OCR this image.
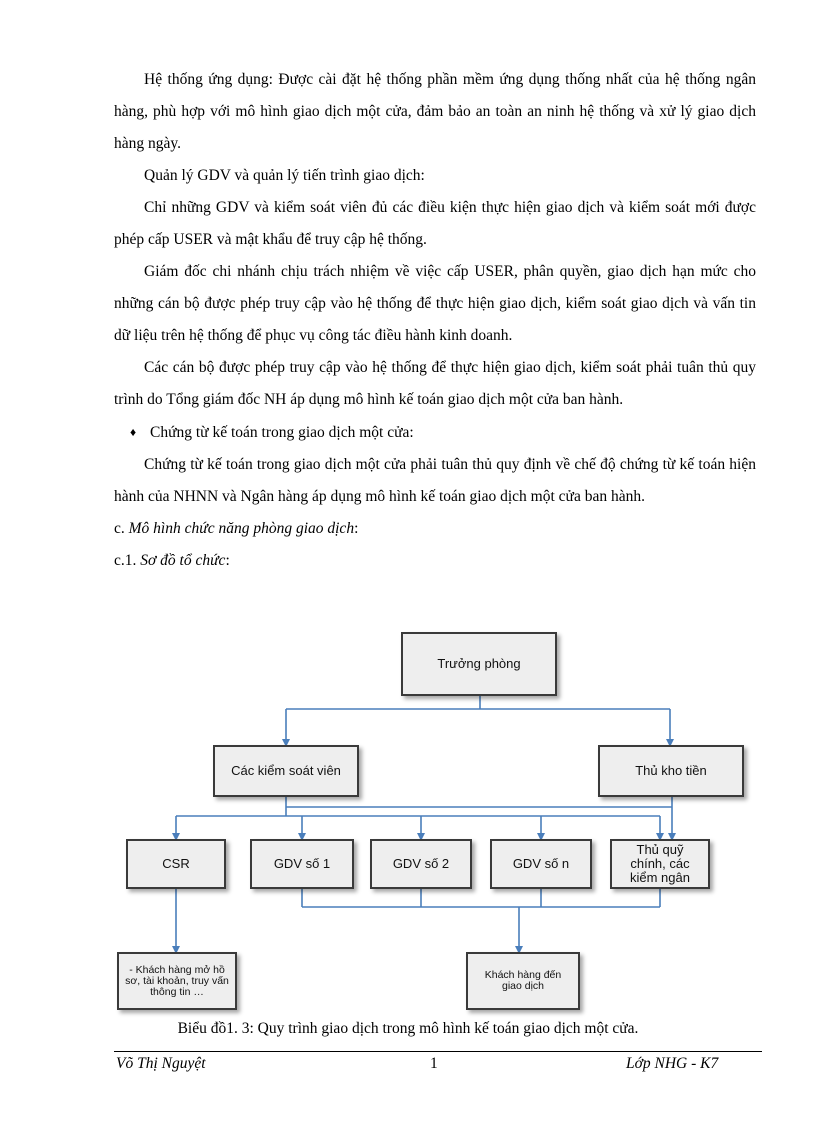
Hệ thống ứng dụng: Được cài đặt hệ thống phần mềm ứng dụng thống nhất của hệ thống ngân hàng, phù hợp với mô hình giao dịch một cửa, đảm bảo an toàn an ninh hệ thống và xử lý giao dịch hàng ngày.

Quản lý GDV và quản lý tiến trình giao dịch:

Chỉ những GDV và kiểm soát viên đủ các điều kiện thực hiện giao dịch và kiểm soát mới được phép cấp USER và mật khẩu để truy cập hệ thống.

Giám đốc chi nhánh chịu trách nhiệm về việc cấp USER, phân quyền, giao dịch hạn mức cho những cán bộ được phép truy cập vào hệ thống để thực hiện giao dịch, kiểm soát giao dịch và vấn tin dữ liệu trên hệ thống để phục vụ công tác điều hành kinh doanh.

Các cán bộ được phép truy cập vào hệ thống để thực hiện giao dịch, kiểm soát phải tuân thủ quy trình do Tổng giám đốc NH áp dụng mô hình kế toán giao dịch một cửa ban hành.

♦ Chứng từ kế toán trong giao dịch một cửa:

Chứng từ kế toán trong giao dịch một cửa phải tuân thủ quy định về chế độ chứng từ kế toán hiện hành của NHNN và Ngân hàng áp dụng mô hình kế toán giao dịch một cửa ban hành.

c. Mô hình chức năng phòng giao dịch:

c.1. Sơ đồ tổ chức:

Trưởng phòng
Các kiểm soát viên	Thủ kho tiền
CSR	GDV số 1	GDV số 2	GDV số n
Thủ quỹ chính, các kiểm ngân
- Khách hàng mở hồ sơ, tài khoản, truy vấn thông tin …
Khách hàng đến giao dịch
Biểu đồ1. 3: Quy trình giao dịch trong mô hình kế toán giao dịch một cửa.
Võ Thị Nguyệt	1	Lớp NHG - K7
